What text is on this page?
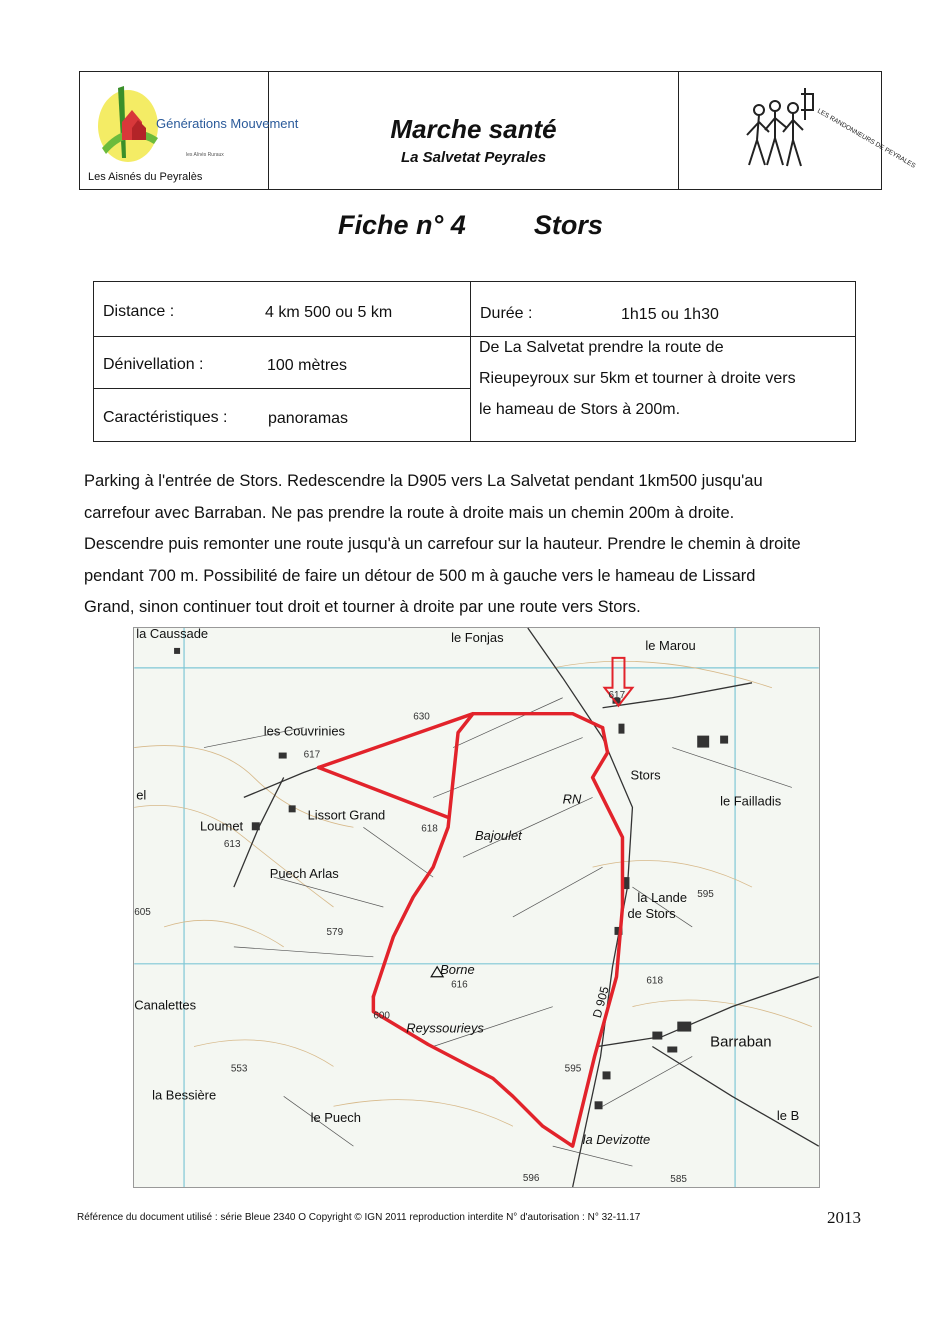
Générations Mouvement
les Aînés Ruraux
Les Aisnés du Peyralès
Marche santé
La Salvetat Peyrales	LES RANDONNEURS DE PEYRALES
Fiche n° 4	Stors
Distance :	4 km 500 ou 5 km	Durée :	1h15 ou 1h30
Dénivellation :	100 mètres
Caractéristiques :	panoramas
De La Salvetat prendre la route de
Rieupeyroux sur 5km et tourner à droite vers
le hameau de Stors à 200m.

Parking à l'entrée de Stors. Redescendre la D905 vers La Salvetat pendant 1km500 jusqu'au

carrefour avec Barraban. Ne pas prendre la route à droite mais un chemin 200m à droite.

Descendre puis remonter une route jusqu'à un carrefour sur la hauteur. Prendre le chemin à droite

pendant 700 m. Possibilité de faire un détour de 500 m à gauche vers le hameau de Lissard

Grand, sinon continuer tout droit et tourner à droite par une route vers Stors.

la Caussade	le Fonjas
le Marou
les Couvrinies
Stors
le Failladis
el
Lissort Grand
Loumet
Bajoulet
RN
Puech Arlas
la Lande
de Stors
Borne
Canalettes
Reyssourieys
D 905
Barraban
la Bessière
le Puech
la Devizotte
le B
630
617
617
618
613
605
579
595
616	618
600
553	595
596	585
Référence du document utilisé : série Bleue 2340 O Copyright © IGN 2011 reproduction interdite N° d'autorisation : N° 32-11.17	2013
